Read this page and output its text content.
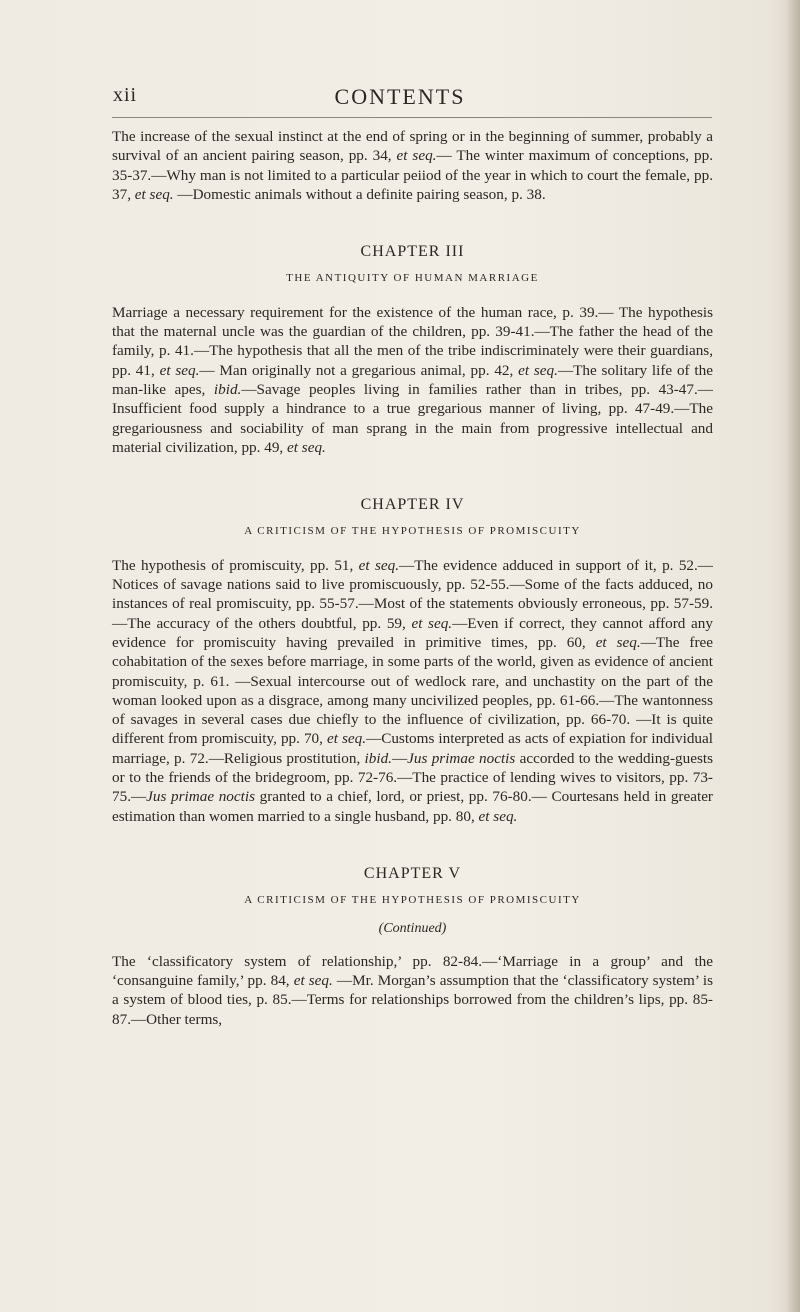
xii	CONTENTS

The increase of the sexual instinct at the end of spring or in the beginning of summer, probably a survival of an ancient pairing season, pp. 34, et seq.— The winter maximum of conceptions, pp. 35-37.—Why man is not limited to a particular peiiod of the year in which to court the female, pp. 37, et seq. —Domestic animals without a definite pairing season, p. 38.

CHAPTER III
THE ANTIQUITY OF HUMAN MARRIAGE

Marriage a necessary requirement for the existence of the human race, p. 39.— The hypothesis that the maternal uncle was the guardian of the children, pp. 39-41.—The father the head of the family, p. 41.—The hypothesis that all the men of the tribe indiscriminately were their guardians, pp. 41, et seq.— Man originally not a gregarious animal, pp. 42, et seq.—The solitary life of the man-like apes, ibid.—Savage peoples living in families rather than in tribes, pp. 43-47.—Insufficient food supply a hindrance to a true gregarious manner of living, pp. 47-49.—The gregariousness and sociability of man sprang in the main from progressive intellectual and material civilization, pp. 49, et seq.

CHAPTER IV
A CRITICISM OF THE HYPOTHESIS OF PROMISCUITY

The hypothesis of promiscuity, pp. 51, et seq.—The evidence adduced in support of it, p. 52.—Notices of savage nations said to live promiscuously, pp. 52-55.—Some of the facts adduced, no instances of real promiscuity, pp. 55-57.—Most of the statements obviously erroneous, pp. 57-59.—The accuracy of the others doubtful, pp. 59, et seq.—Even if correct, they cannot afford any evidence for promiscuity having prevailed in primitive times, pp. 60, et seq.—The free cohabitation of the sexes before marriage, in some parts of the world, given as evidence of ancient promiscuity, p. 61. —Sexual intercourse out of wedlock rare, and unchastity on the part of the woman looked upon as a disgrace, among many uncivilized peoples, pp. 61-66.—The wantonness of savages in several cases due chiefly to the influence of civilization, pp. 66-70. —It is quite different from promiscuity, pp. 70, et seq.—Customs interpreted as acts of expiation for individual marriage, p. 72.—Religious prostitution, ibid.—Jus primae noctis accorded to the wedding-guests or to the friends of the bridegroom, pp. 72-76.—The practice of lending wives to visitors, pp. 73-75.—Jus primae noctis granted to a chief, lord, or priest, pp. 76-80.— Courtesans held in greater estimation than women married to a single husband, pp. 80, et seq.

CHAPTER V
A CRITICISM OF THE HYPOTHESIS OF PROMISCUITY
(Continued)

The ‘classificatory system of relationship,’ pp. 82-84.—‘Marriage in a group’ and the ‘consanguine family,’ pp. 84, et seq. —Mr. Morgan’s assumption that the ‘classificatory system’ is a system of blood ties, p. 85.—Terms for relationships borrowed from the children’s lips, pp. 85-87.—Other terms,
